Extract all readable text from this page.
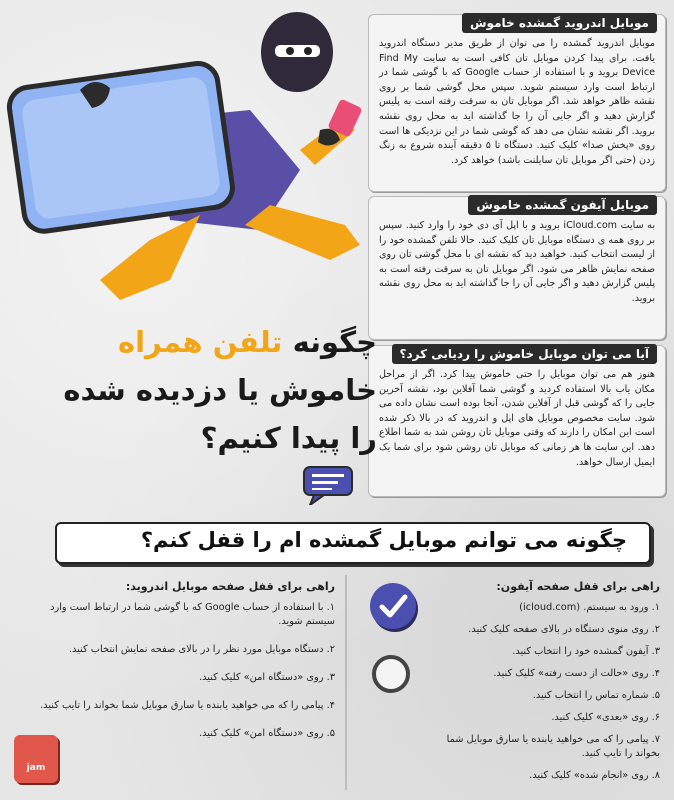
موبایل اندروید گمشده خاموش
موبایل اندروید گمشده را می توان از طریق مدیر دستگاه اندروید یافت. برای پیدا کردن موبایل تان کافی است به سایت Find My Device بروید و با استفاده از حساب Google که با گوشی شما در ارتباط است وارد سیستم شوید. سپس محل گوشی شما بر روی نقشه ظاهر خواهد شد. اگر موبایل تان به سرقت رفته است به پلیس گزارش دهید و اگر جایی آن را جا گذاشته اید به محل روی نقشه بروید. اگر نقشه نشان می دهد که گوشی شما در این نزدیکی ها است روی «پخش صدا» کلیک کنید. دستگاه تا ۵ دقیقه آینده شروع به زنگ زدن (حتی اگر موبایل تان سایلنت باشد) خواهد کرد.
موبایل آیفون گمشده خاموش
به سایت iCloud.com بروید و با اپل آی دی خود را وارد کنید. سپس بر روی همه ی دستگاه موبایل تان کلیک کنید. حالا تلفن گمشده خود را از لیست انتخاب کنید. خواهید دید که نقشه ای با محل گوشی تان روی صفحه نمایش ظاهر می شود. اگر موبایل تان به سرقت رفته است به پلیس گزارش دهید و اگر جایی آن را جا گذاشته اید به محل روی نقشه بروید.
آیا می توان موبایل خاموش را ردیابی کرد؟
هنوز هم می توان موبایل را حتی خاموش پیدا کرد. اگر از مراحل مکان یاب بالا استفاده کردید و گوشی شما آفلاین بود، نقشه آخرین جایی را که گوشی قبل از آفلاین شدن، آنجا بوده است نشان داده می شود. سایت مخصوص موبایل های اپل و اندروید که در بالا ذکر شده است این امکان را دارند که وقتی موبایل تان روشن شد به شما اطلاع دهد. این سایت ها هر زمانی که موبایل تان روشن شود برای شما یک ایمیل ارسال خواهد.
چگونه تلفن همراه
خاموش یا دزدیده شده
را پیدا کنیم؟
چگونه می توانم موبایل گمشده ام را قفل کنم؟
راهی برای قفل صفحه آیفون:
۱. ورود به سیستم. (icloud.com)
۲. روی منوی دستگاه در بالای صفحه کلیک کنید.
۳. آیفون گمشده خود را انتخاب کنید.
۴. روی «حالت از دست رفته» کلیک کنید.
۵. شماره تماس را انتخاب کنید.
۶. روی «بعدی» کلیک کنید.
۷. پیامی را که می خواهید یابنده یا سارق موبایل شما بخواند را تایپ کنید.
۸. روی «انجام شده» کلیک کنید.
راهی برای قفل صفحه موبایل اندروید:
۱. با استفاده از حساب Google که با گوشی شما در ارتباط است وارد سیستم شوید.
۲. دستگاه موبایل مورد نظر را در بالای صفحه نمایش انتخاب کنید.
۳. روی «دستگاه امن» کلیک کنید.
۴. پیامی را که می خواهید یابنده یا سارق موبایل شما بخواند را تایپ کنید.
۵. روی «دستگاه امن» کلیک کنید.
jam
